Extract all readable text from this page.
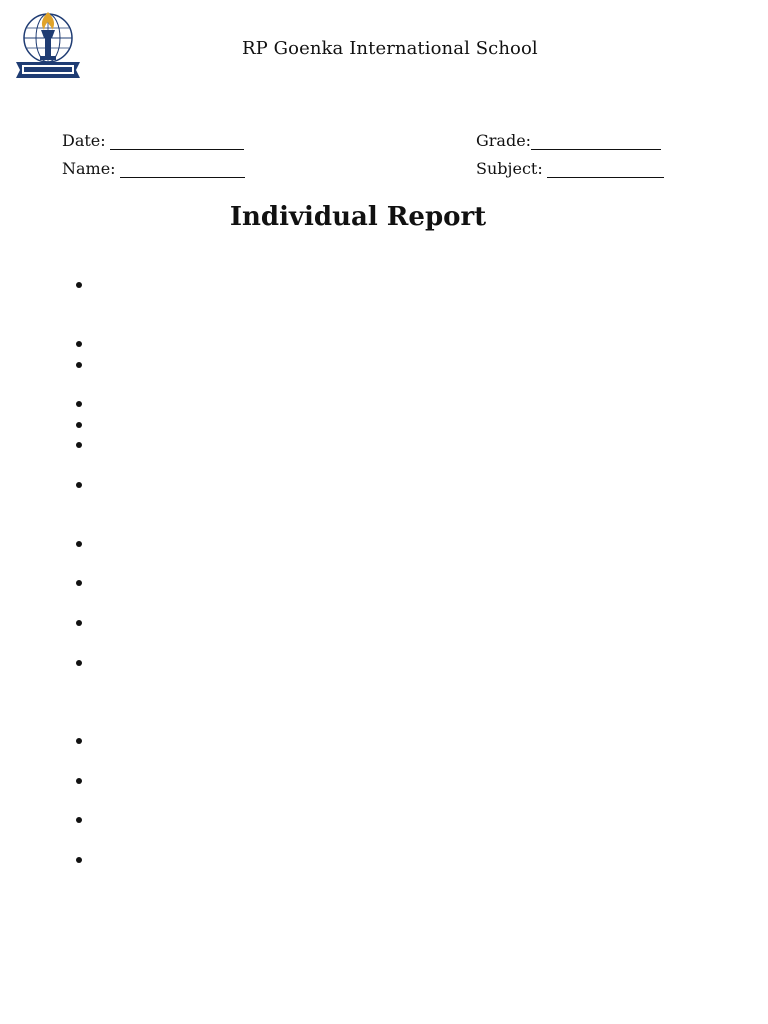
RP Goenka International School
Date:	Grade:
Name:	Subject:
Individual Report
